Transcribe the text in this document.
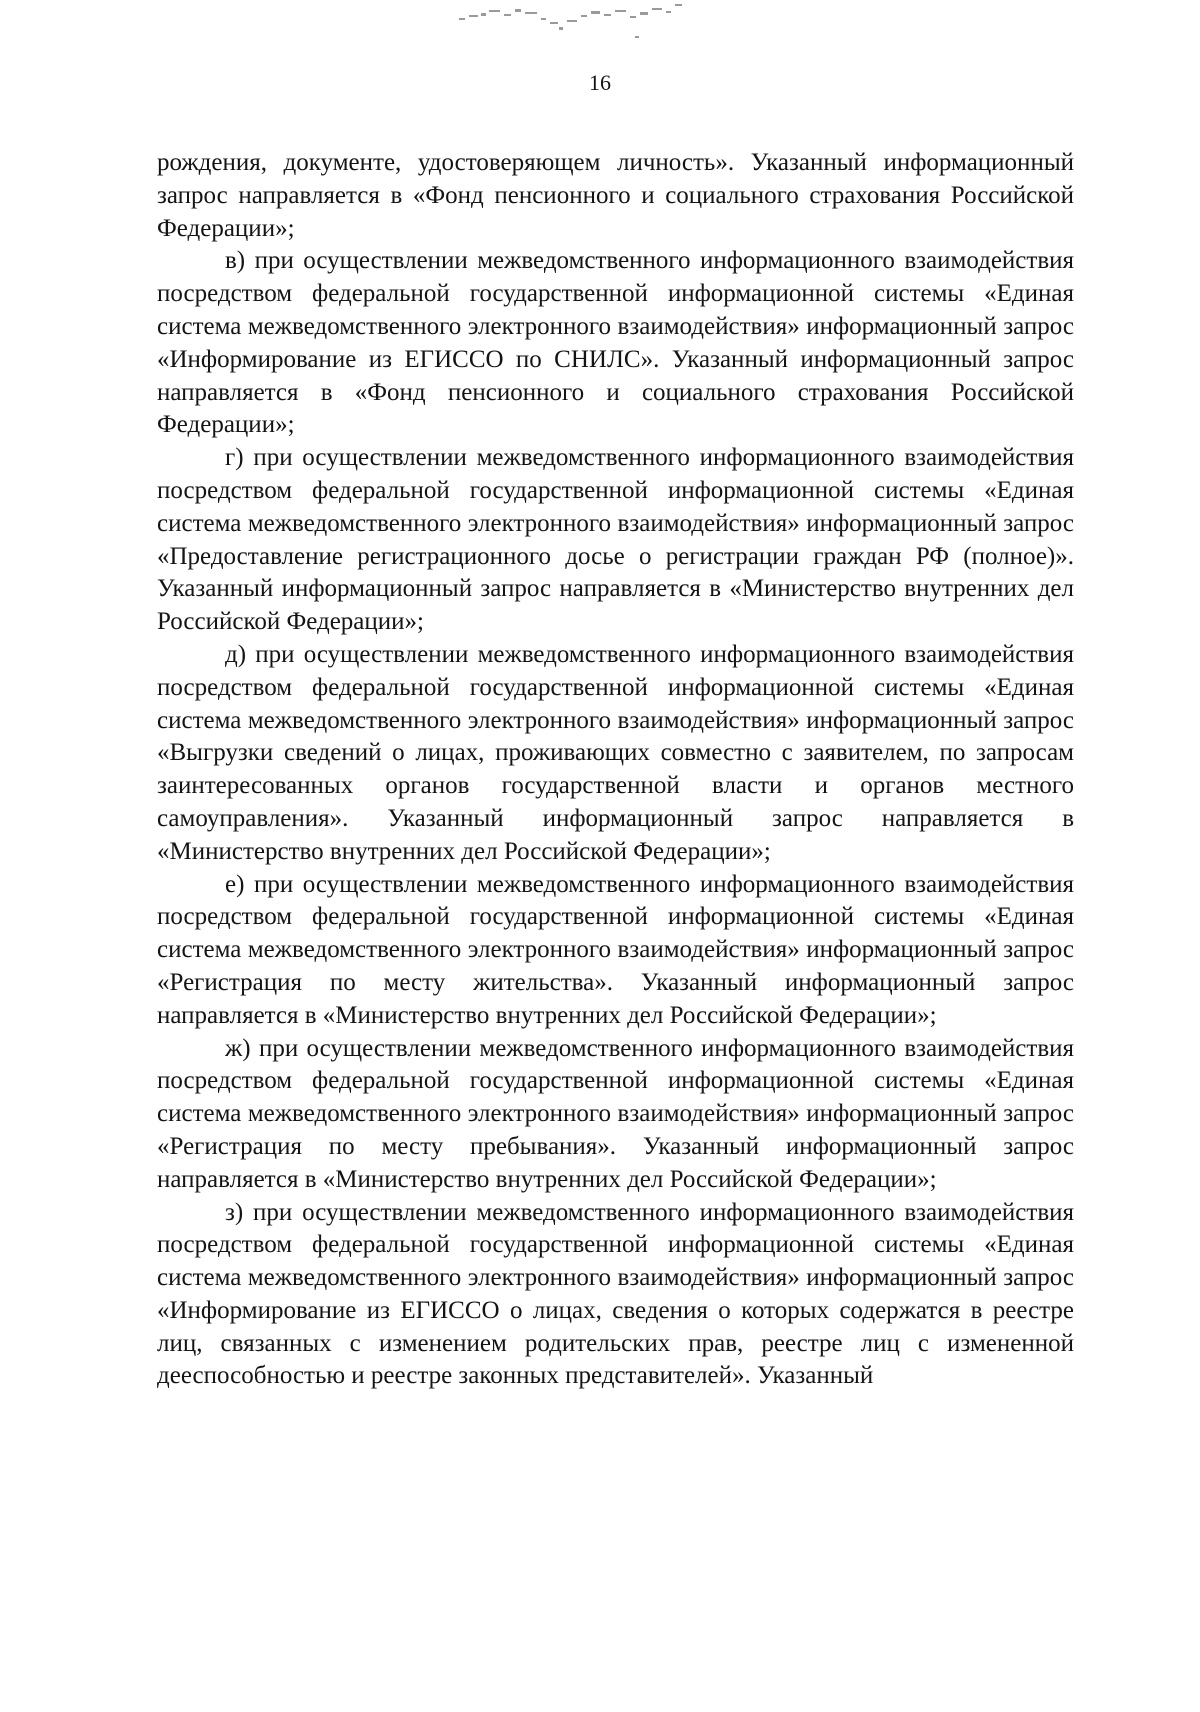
16

рождения, документе, удостоверяющем личность». Указанный информационный запрос направляется в «Фонд пенсионного и социального страхования Российской Федерации»;

в) при осуществлении межведомственного информационного взаимодействия посредством федеральной государственной информационной системы «Единая система межведомственного электронного взаимодействия» информационный запрос «Информирование из ЕГИССО по СНИЛС». Указанный информационный запрос направляется в «Фонд пенсионного и социального страхования Российской Федерации»;

г) при осуществлении межведомственного информационного взаимодействия посредством федеральной государственной информационной системы «Единая система межведомственного электронного взаимодействия» информационный запрос «Предоставление регистрационного досье о регистрации граждан РФ (полное)». Указанный информационный запрос направляется в «Министерство внутренних дел Российской Федерации»;

д) при осуществлении межведомственного информационного взаимодействия посредством федеральной государственной информационной системы «Единая система межведомственного электронного взаимодействия» информационный запрос «Выгрузки сведений о лицах, проживающих совместно с заявителем, по запросам заинтересованных органов государственной власти и органов местного самоуправления». Указанный информационный запрос направляется в «Министерство внутренних дел Российской Федерации»;

е) при осуществлении межведомственного информационного взаимодействия посредством федеральной государственной информационной системы «Единая система межведомственного электронного взаимодействия» информационный запрос «Регистрация по месту жительства». Указанный информационный запрос направляется в «Министерство внутренних дел Российской Федерации»;

ж) при осуществлении межведомственного информационного взаимодействия посредством федеральной государственной информационной системы «Единая система межведомственного электронного взаимодействия» информационный запрос «Регистрация по месту пребывания». Указанный информационный запрос направляется в «Министерство внутренних дел Российской Федерации»;

з) при осуществлении межведомственного информационного взаимодействия посредством федеральной государственной информационной системы «Единая система межведомственного электронного взаимодействия» информационный запрос «Информирование из ЕГИССО о лицах, сведения о которых содержатся в реестре лиц, связанных с изменением родительских прав, реестре лиц с измененной дееспособностью и реестре законных представителей». Указанный
